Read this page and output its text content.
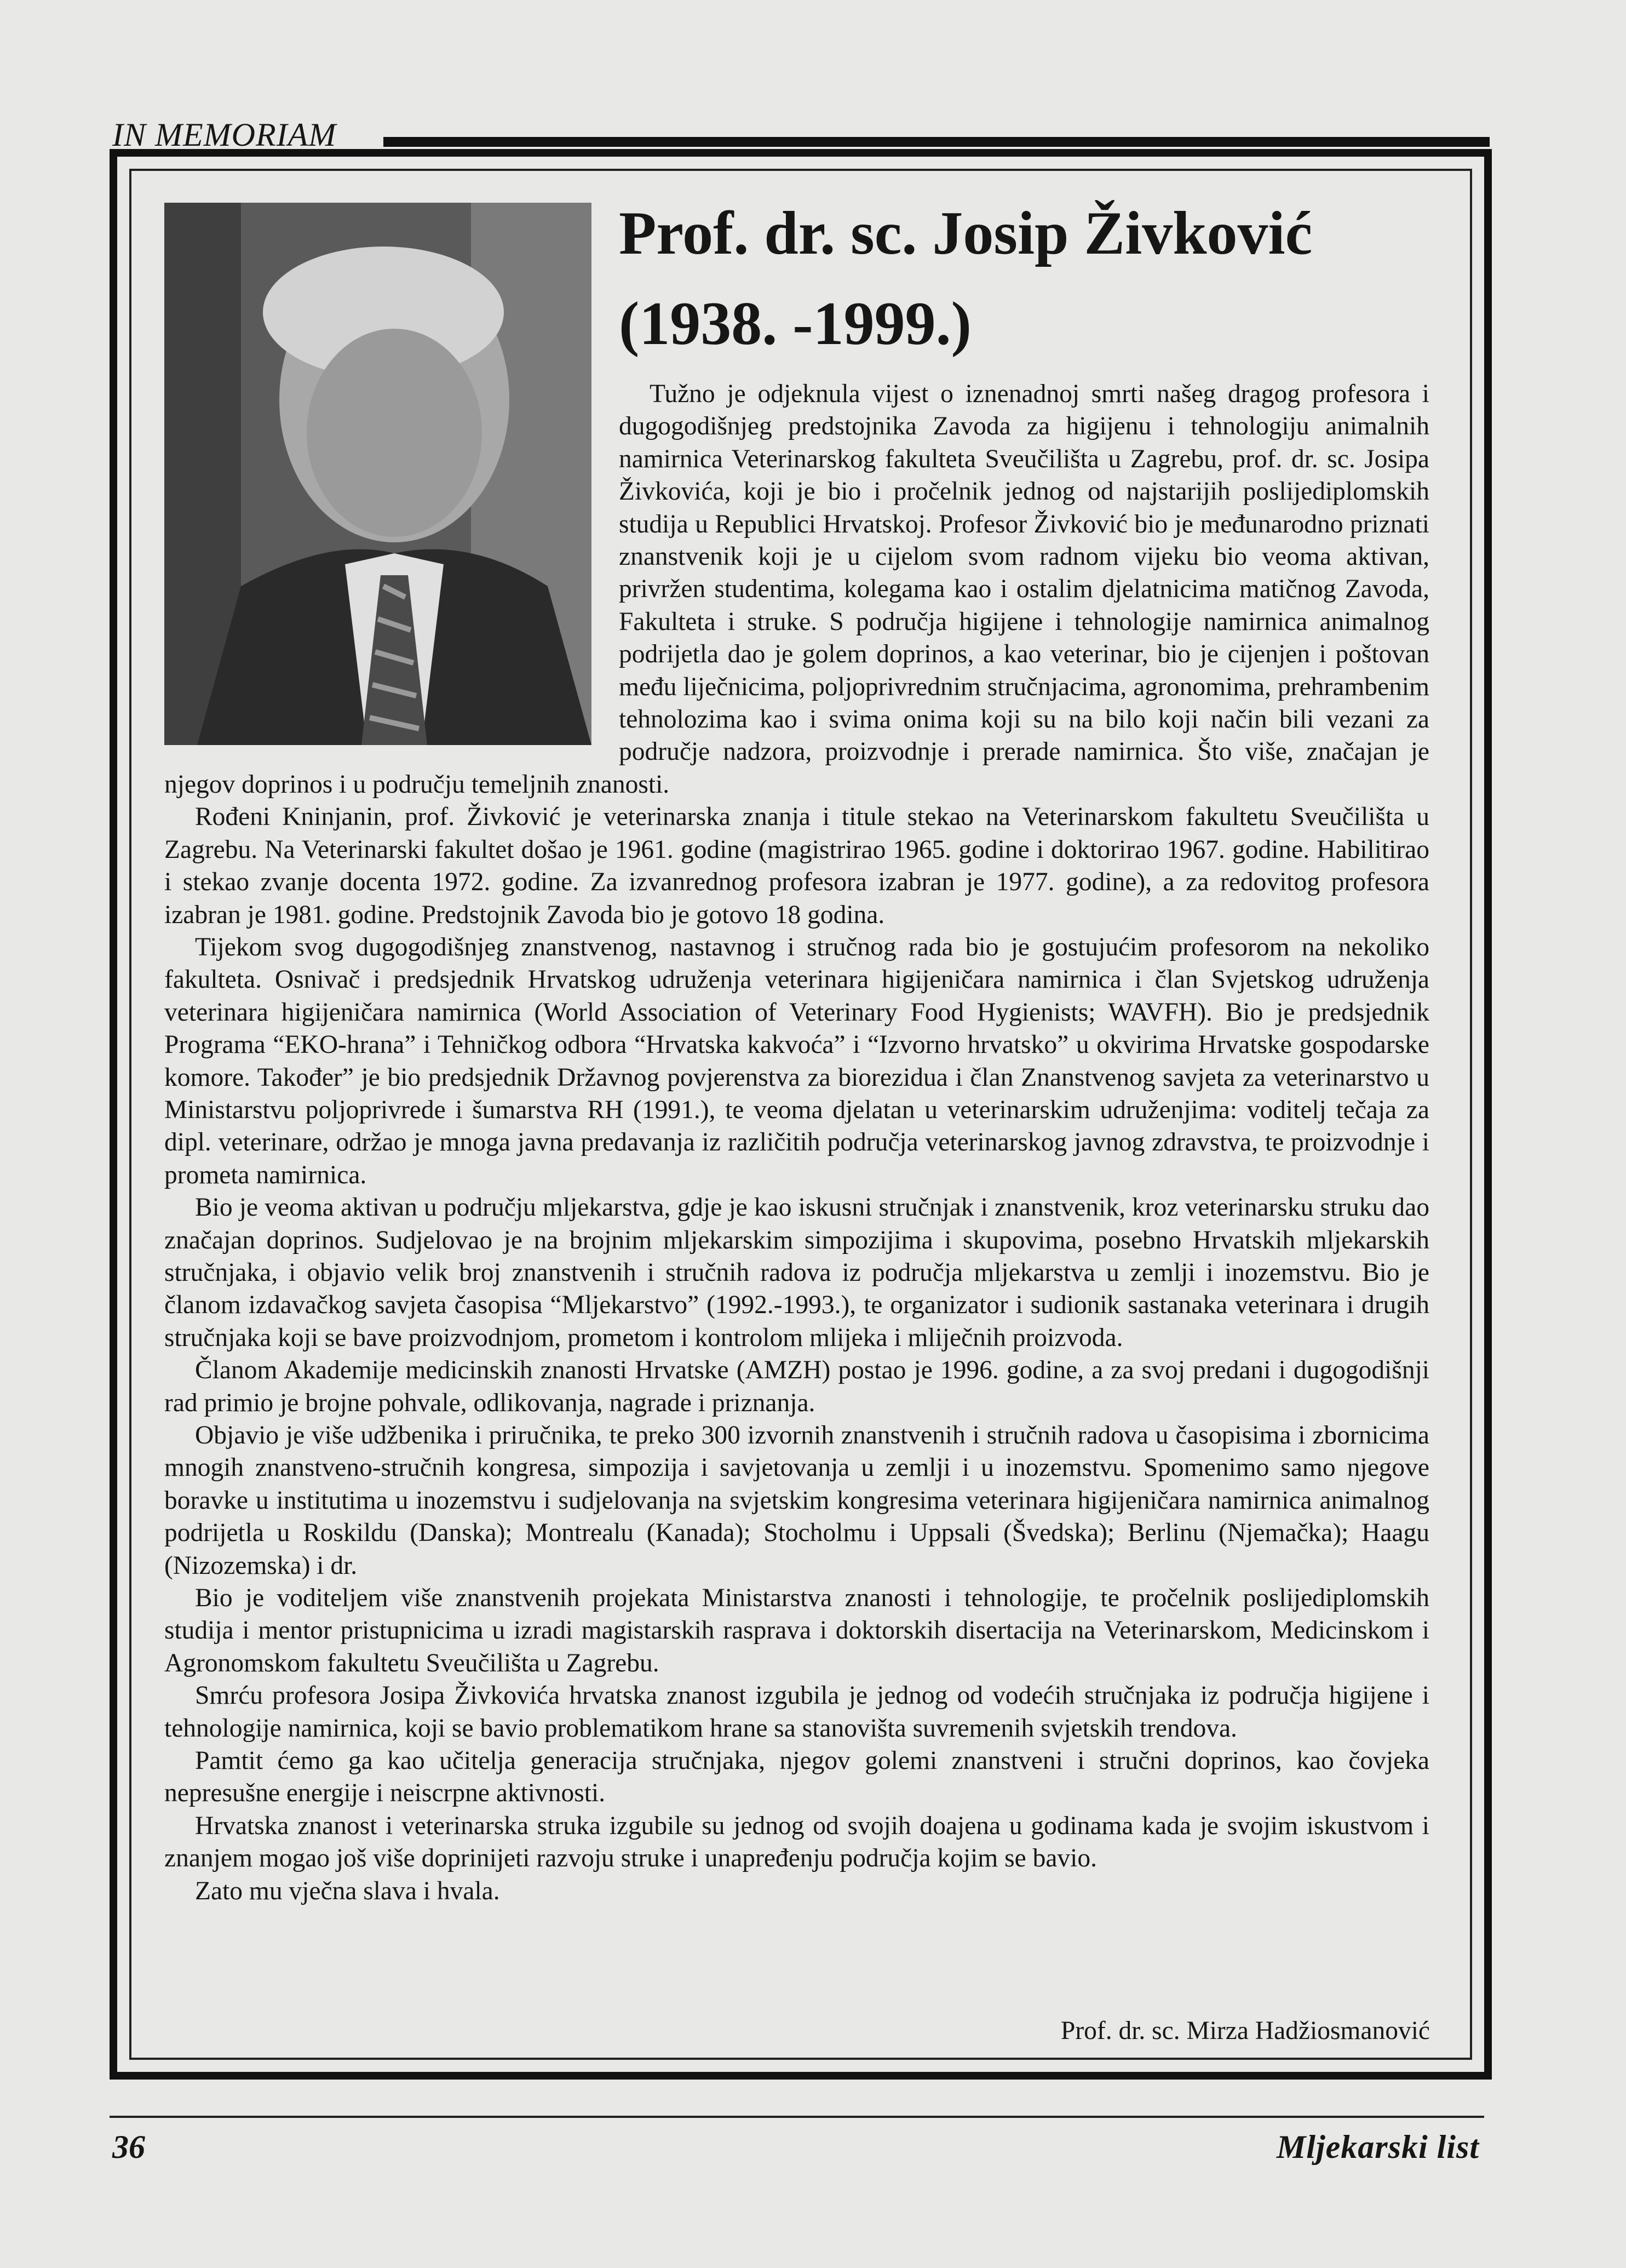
IN MEMORIAM
Prof. dr. sc. Josip Živković
(1938. -1999.)

Tužno je odjeknula vijest o iznenadnoj smrti našeg dragog profesora i dugogodišnjeg predstojnika Zavoda za higijenu i tehnologiju animalnih namirnica Veterinarskog fakulteta Sveučilišta u Zagrebu, prof. dr. sc. Josipa Živkovića, koji je bio i pročelnik jednog od najstarijih poslijediplomskih studija u Republici Hrvatskoj. Profesor Živković bio je međunarodno priznati znanstvenik koji je u cijelom svom radnom vijeku bio veoma aktivan, privržen studentima, kolegama kao i ostalim djelatnicima matičnog Zavoda, Fakulteta i struke. S područja higijene i tehnologije namirnica animalnog podrijetla dao je golem doprinos, a kao veterinar, bio je cijenjen i poštovan među liječnicima, poljoprivrednim stručnjacima, agronomima, prehrambenim tehnolozima kao i svima onima koji su na bilo koji način bili vezani za područje nadzora, proizvodnje i prerade namirnica. Što više, značajan je njegov doprinos i u području temeljnih znanosti.

Rođeni Kninjanin, prof. Živković je veterinarska znanja i titule stekao na Veterinarskom fakultetu Sveučilišta u Zagrebu. Na Veterinarski fakultet došao je 1961. godine (magistrirao 1965. godine i doktorirao 1967. godine. Habilitirao i stekao zvanje docenta 1972. godine. Za izvanrednog profesora izabran je 1977. godine), a za redovitog profesora izabran je 1981. godine. Predstojnik Zavoda bio je gotovo 18 godina.

Tijekom svog dugogodišnjeg znanstvenog, nastavnog i stručnog rada bio je gostujućim profesorom na nekoliko fakulteta. Osnivač i predsjednik Hrvatskog udruženja veterinara higijeničara namirnica i član Svjetskog udruženja veterinara higijeničara namirnica (World Association of Veterinary Food Hygienists; WAVFH). Bio je predsjednik Programa “EKO-hrana” i Tehničkog odbora “Hrvatska kakvoća” i “Izvorno hrvatsko” u okvirima Hrvatske gospodarske komore. Također” je bio predsjednik Državnog povjerenstva za biorezidua i član Znanstvenog savjeta za veterinarstvo u Ministarstvu poljoprivrede i šumarstva RH (1991.), te veoma djelatan u veterinarskim udruženjima: voditelj tečaja za dipl. veterinare, održao je mnoga javna predavanja iz različitih područja veterinarskog javnog zdravstva, te proizvodnje i prometa namirnica.

Bio je veoma aktivan u području mljekarstva, gdje je kao iskusni stručnjak i znanstvenik, kroz veterinarsku struku dao značajan doprinos. Sudjelovao je na brojnim mljekarskim simpozijima i skupovima, posebno Hrvatskih mljekarskih stručnjaka, i objavio velik broj znanstvenih i stručnih radova iz područja mljekarstva u zemlji i inozemstvu. Bio je članom izdavačkog savjeta časopisa “Mljekarstvo” (1992.-1993.), te organizator i sudionik sastanaka veterinara i drugih stručnjaka koji se bave proizvodnjom, prometom i kontrolom mlijeka i mliječnih proizvoda.

Članom Akademije medicinskih znanosti Hrvatske (AMZH) postao je 1996. godine, a za svoj predani i dugogodišnji rad primio je brojne pohvale, odlikovanja, nagrade i priznanja.

Objavio je više udžbenika i priručnika, te preko 300 izvornih znanstvenih i stručnih radova u časopisima i zbornicima mnogih znanstveno-stručnih kongresa, simpozija i savjetovanja u zemlji i u inozemstvu. Spomenimo samo njegove boravke u institutima u inozemstvu i sudjelovanja na svjetskim kongresima veterinara higijeničara namirnica animalnog podrijetla u Roskildu (Danska); Montrealu (Kanada); Stocholmu i Uppsali (Švedska); Berlinu (Njemačka); Haagu (Nizozemska) i dr.

Bio je voditeljem više znanstvenih projekata Ministarstva znanosti i tehnologije, te pročelnik poslijediplomskih studija i mentor pristupnicima u izradi magistarskih rasprava i doktorskih disertacija na Veterinarskom, Medicinskom i Agronomskom fakultetu Sveučilišta u Zagrebu.

Smrću profesora Josipa Živkovića hrvatska znanost izgubila je jednog od vodećih stručnjaka iz područja higijene i tehnologije namirnica, koji se bavio problematikom hrane sa stanovišta suvremenih svjetskih trendova.

Pamtit ćemo ga kao učitelja generacija stručnjaka, njegov golemi znanstveni i stručni doprinos, kao čovjeka nepresušne energije i neiscrpne aktivnosti.

Hrvatska znanost i veterinarska struka izgubile su jednog od svojih doajena u godinama kada je svojim iskustvom i znanjem mogao još više doprinijeti razvoju struke i unapređenju područja kojim se bavio.

Zato mu vječna slava i hvala.

Prof. dr. sc. Mirza Hadžiosmanović
36	Mljekarski list
